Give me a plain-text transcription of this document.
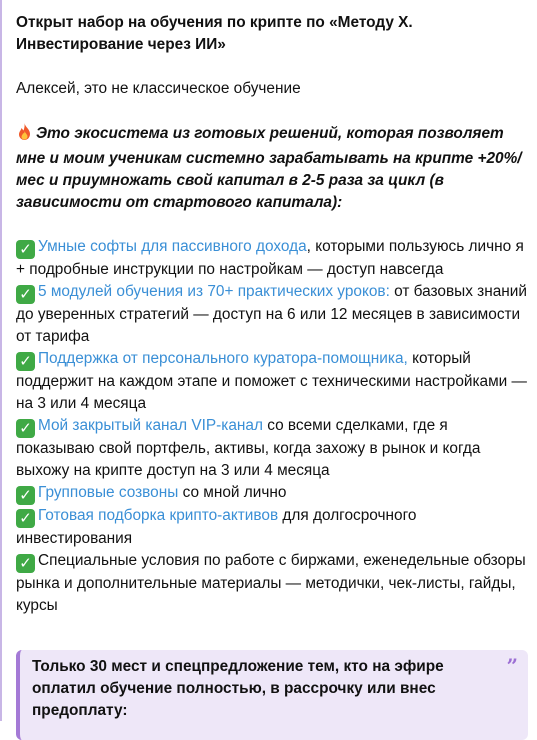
Открыт набор на обучения по крипте по «Методу Х. Инвестирование через ИИ»

Алексей, это не классическое обучение

Это экосистема из готовых решений, которая позволяет мне и моим ученикам системно зарабатывать на крипте +20%/мес и приумножать свой капитал в 2-5 раза за цикл (в зависимости от стартового капитала):

✓ Умные софты для пассивного дохода, которыми пользуюсь лично я + подробные инструкции по настройкам — доступ навсегда

✓ 5 модулей обучения из 70+ практических уроков: от базовых знаний до уверенных стратегий — доступ на 6 или 12 месяцев в зависимости от тарифа

✓ Поддержка от персонального куратора-помощника, который поддержит на каждом этапе и поможет с техническими настройками — на 3 или 4 месяца

✓ Мой закрытый канал VIP-канал со всеми сделками, где я показываю свой портфель, активы, когда захожу в рынок и когда выхожу на крипте доступ на 3 или 4 месяца

✓ Групповые созвоны со мной лично

✓ Готовая подборка крипто-активов для долгосрочного инвестирования

✓ Специальные условия по работе с биржами, еженедельные обзоры рынка и дополнительные материалы — методички, чек-листы, гайды, курсы

”
Только 30 мест и спецпредложение тем, кто на эфире оплатил обучение полностью, в рассрочку или внес предоплату:
